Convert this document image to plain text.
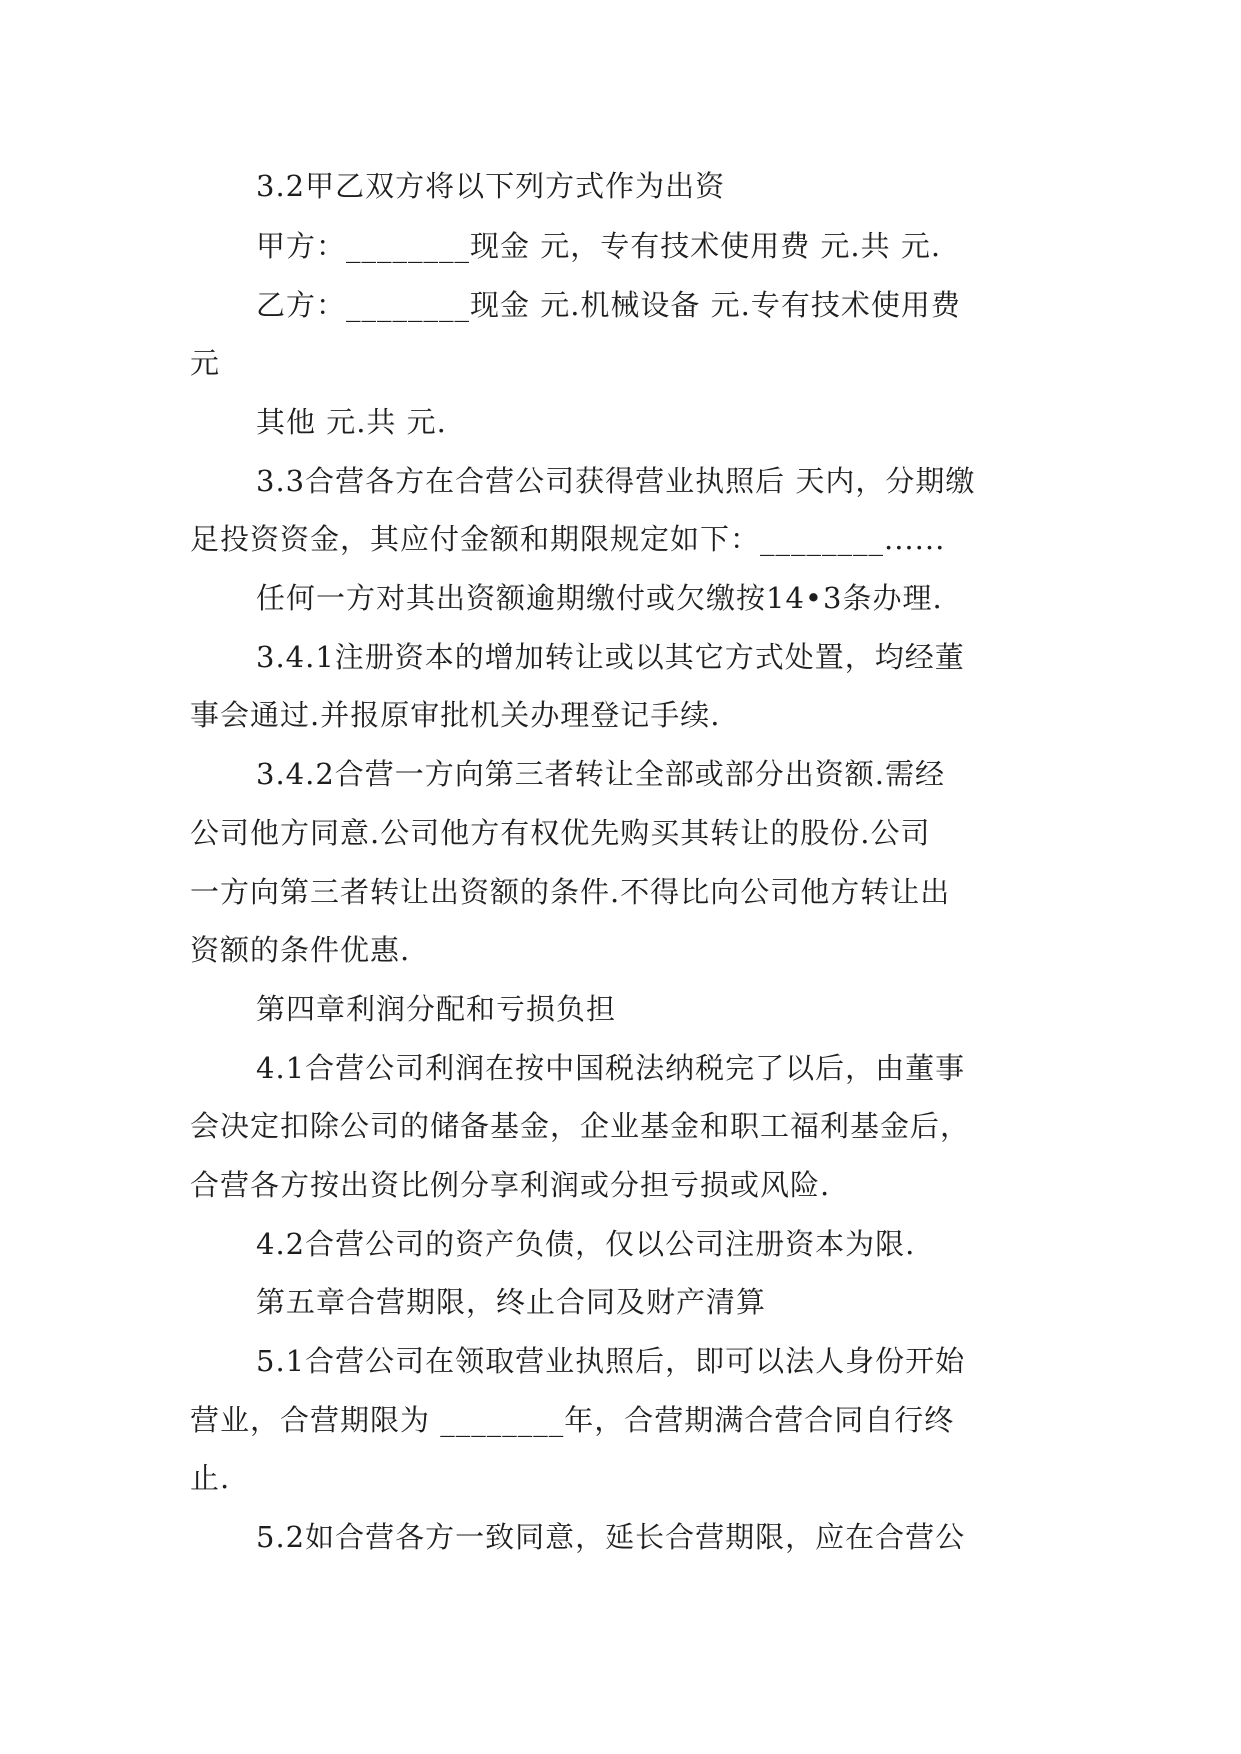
3.2甲乙双方将以下列方式作为出资
甲方：________现金 元，专有技术使用费 元.共 元.
乙方：________现金 元.机械设备 元.专有技术使用费
元
其他 元.共 元.
3.3合营各方在合营公司获得营业执照后 天内，分期缴
足投资资金，其应付金额和期限规定如下：________......
任何一方对其出资额逾期缴付或欠缴按14•3条办理.
3.4.1注册资本的增加转让或以其它方式处置，均经董
事会通过.并报原审批机关办理登记手续.
3.4.2合营一方向第三者转让全部或部分出资额.需经
公司他方同意.公司他方有权优先购买其转让的股份.公司
一方向第三者转让出资额的条件.不得比向公司他方转让出
资额的条件优惠.
第四章利润分配和亏损负担
4.1合营公司利润在按中国税法纳税完了以后，由董事
会决定扣除公司的储备基金，企业基金和职工福利基金后，
合营各方按出资比例分享利润或分担亏损或风险.
4.2合营公司的资产负债，仅以公司注册资本为限.
第五章合营期限，终止合同及财产清算
5.1合营公司在领取营业执照后，即可以法人身份开始
营业，合营期限为 ________年，合营期满合营合同自行终
止.
5.2如合营各方一致同意，延长合营期限，应在合营公
